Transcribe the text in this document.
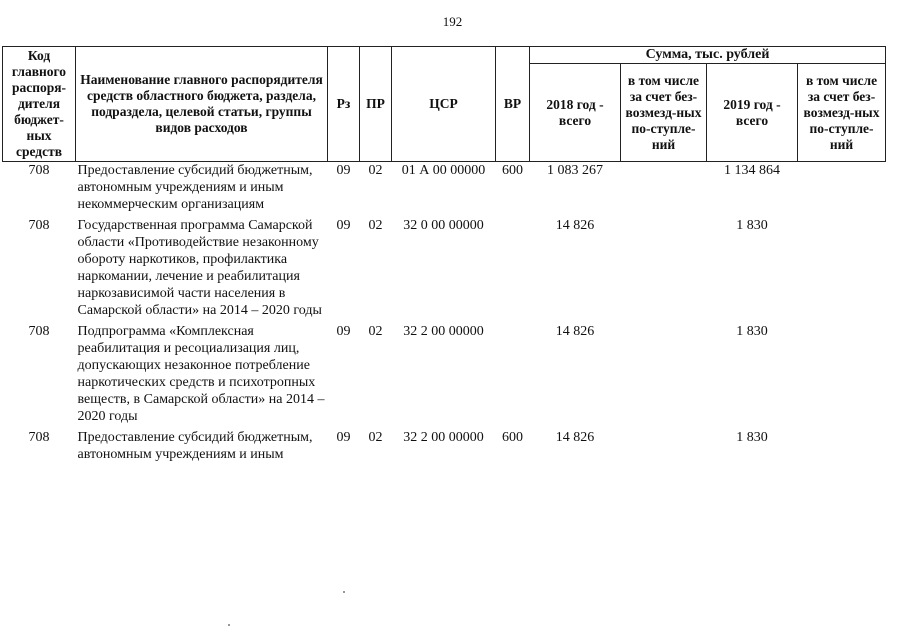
192
Код главного распоря-дителя бюджет-ных средств	Наименование главного распорядителя средств областного бюджета, раздела, подраздела, целевой статьи, группы видов расходов	Рз	ПР	ЦСР	ВР	Сумма, тыс. рублей			
						2018 год - всего	в том числе за счет без-возмезд-ных по-ступле-ний	2019 год - всего	в том числе за счет без-возмезд-ных по-ступле-ний
708	Предоставление субсидий бюджетным, автономным учреждениям и иным некоммерческим организациям	09	02	01 А 00 00000	600	1 083 267		1 134 864	
708	Государственная программа Самарской области «Противодействие незаконному обороту наркотиков, профилактика наркомании, лечение и реабилитация наркозависимой части населения в Самарской области» на 2014 – 2020 годы	09	02	32 0 00 00000		14 826		1 830	
708	Подпрограмма «Комплексная реабилитация и ресоциализация лиц, допускающих незаконное потребление наркотических средств и психотропных веществ, в Самарской области» на 2014 – 2020 годы	09	02	32 2 00 00000		14 826		1 830	
708	Предоставление субсидий бюджетным, автономным учреждениям и иным	09	02	32 2 00 00000	600	14 826		1 830	
